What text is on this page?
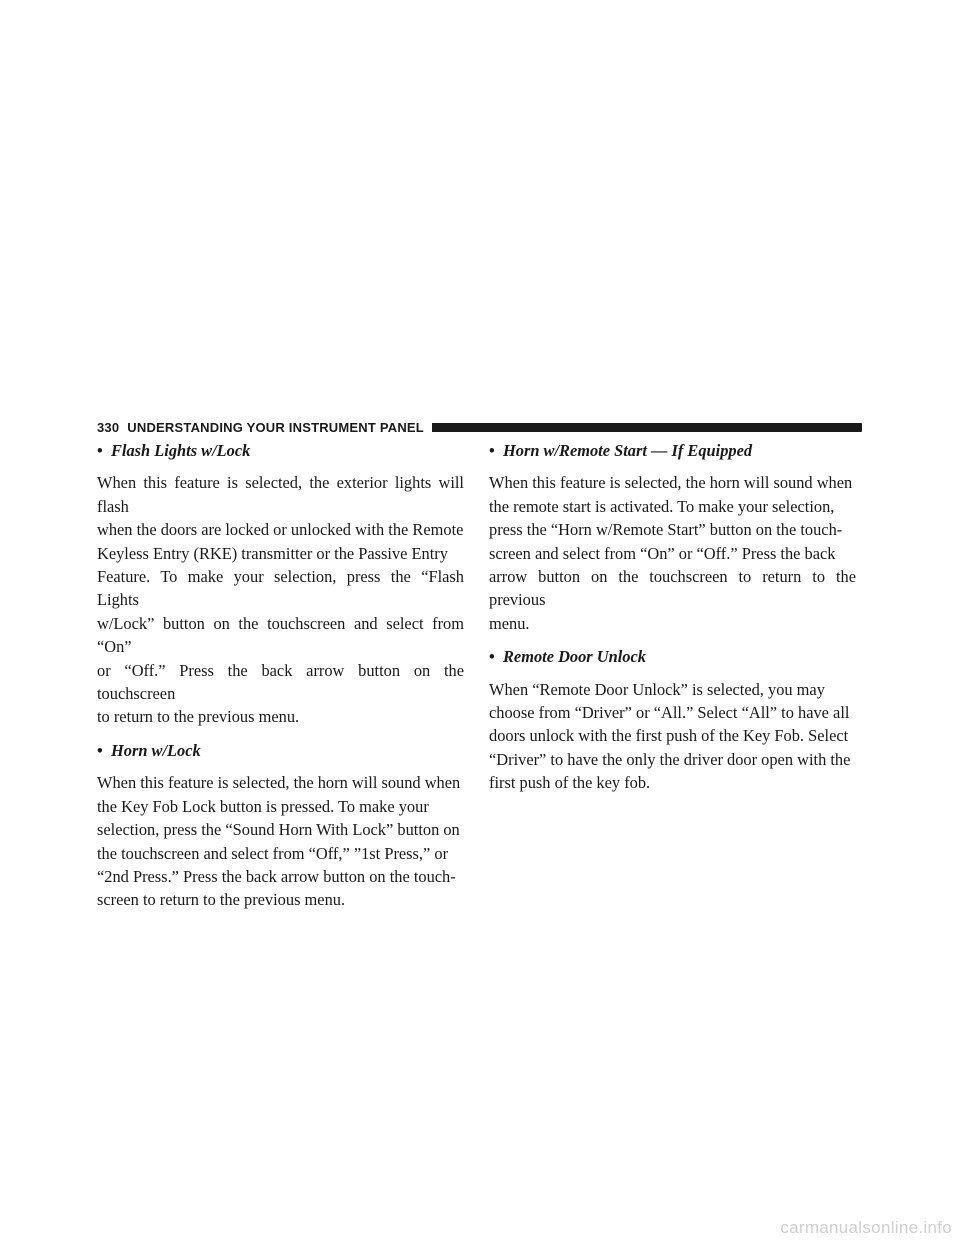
330 UNDERSTANDING YOUR INSTRUMENT PANEL
• Flash Lights w/Lock

When this feature is selected, the exterior lights will flash
when the doors are locked or unlocked with the Remote
Keyless Entry (RKE) transmitter or the Passive Entry
Feature. To make your selection, press the “Flash Lights
w/Lock” button on the touchscreen and select from “On”
or “Off.” Press the back arrow button on the touchscreen
to return to the previous menu.

• Horn w/Lock

When this feature is selected, the horn will sound when
the Key Fob Lock button is pressed. To make your
selection, press the “Sound Horn With Lock” button on
the touchscreen and select from “Off,” ”1st Press,” or
“2nd Press.” Press the back arrow button on the touch-
screen to return to the previous menu.

• Horn w/Remote Start — If Equipped

When this feature is selected, the horn will sound when
the remote start is activated. To make your selection,
press the “Horn w/Remote Start” button on the touch-
screen and select from “On” or “Off.” Press the back
arrow button on the touchscreen to return to the previous
menu.

• Remote Door Unlock

When “Remote Door Unlock” is selected, you may
choose from “Driver” or “All.” Select “All” to have all
doors unlock with the first push of the Key Fob. Select
“Driver” to have the only the driver door open with the
first push of the key fob.

carmanualsonline.info
